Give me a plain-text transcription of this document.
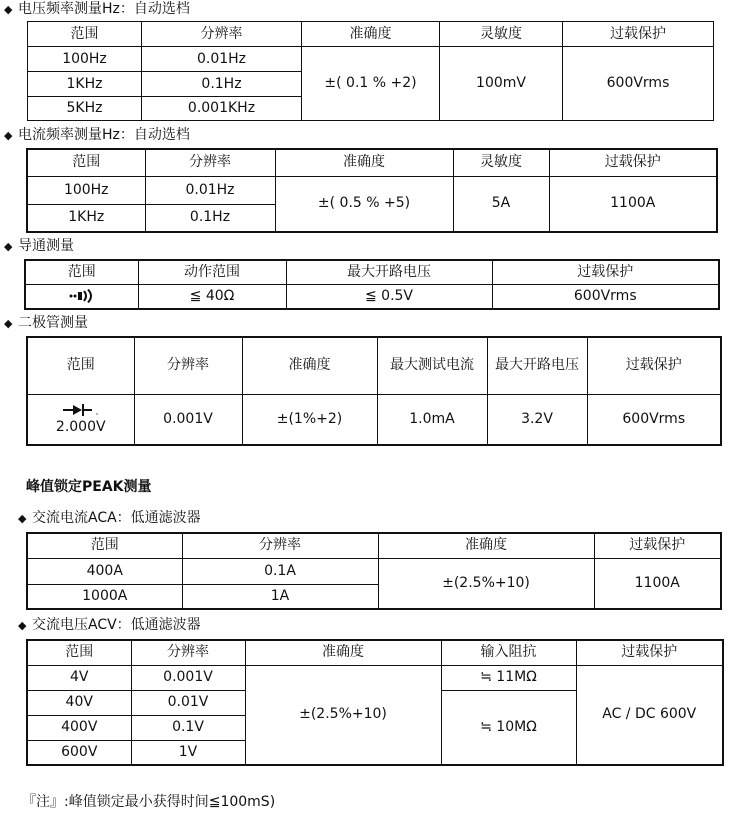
◆ 电压频率测量Hz：自动选档
范围	分辨率	准确度	灵敏度	过载保护
100Hz	0.01Hz	±( 0.1 % +2)	100mV	600Vrms
1KHz	0.1Hz			
5KHz	0.001KHz			
◆ 电流频率测量Hz：自动选档
范围	分辨率	准确度	灵敏度	过载保护
100Hz	0.01Hz	±( 0.5 % +5)	5A	1100A
1KHz	0.1Hz			
◆ 导通测量
范围	动作范围	最大开路电压	过载保护
	≦ 40Ω	≦ 0.5V	600Vrms
◆ 二极管测量
范围	分辨率	准确度	最大测试电流	最大开路电压	过载保护

2.000V	0.001V	±(1%+2)	1.0mA	3.2V	600Vrms
峰值锁定PEAK测量
◆ 交流电流ACA：低通滤波器
范围	分辨率	准确度	过载保护
400A	0.1A	±(2.5%+10)	1100A
1000A	1A		
◆ 交流电压ACV：低通滤波器
范围	分辨率	准确度	输入阻抗	过载保护
4V	0.001V	±(2.5%+10)	≒ 11MΩ	AC / DC 600V
40V	0.01V		≒ 10MΩ	
400V	0.1V			
600V	1V			
『注』:峰值锁定最小获得时间≦100mS)
